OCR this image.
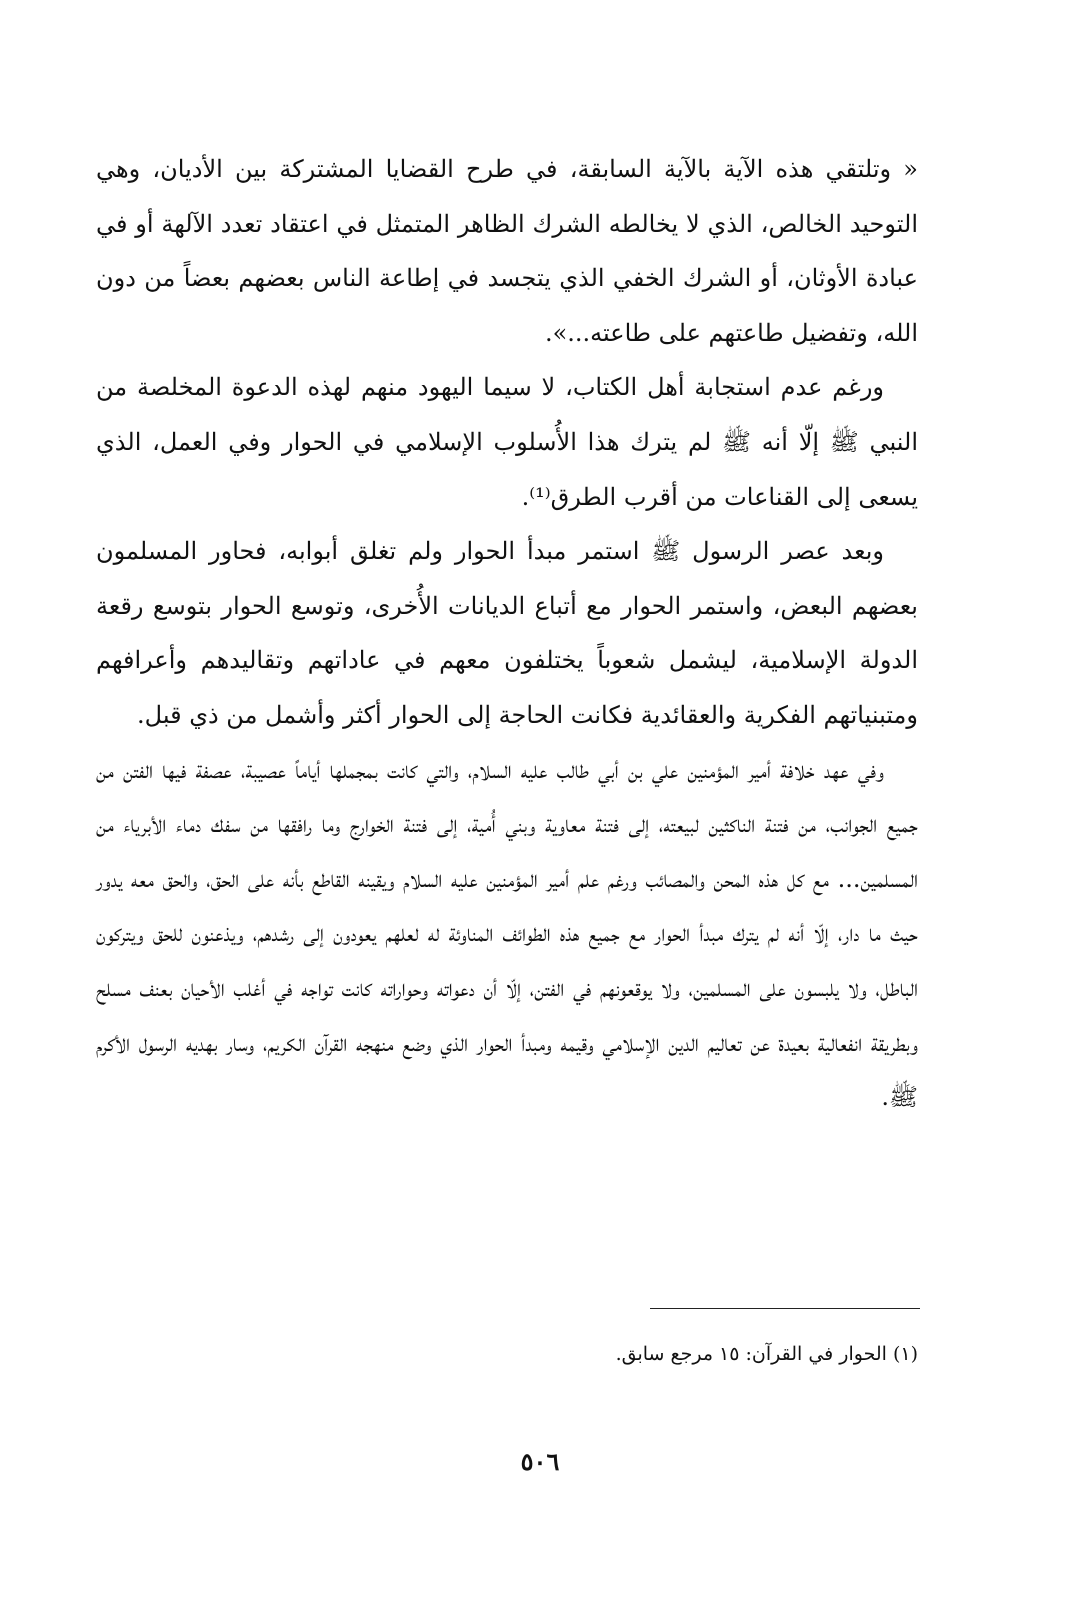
« وتلتقي هذه الآية بالآية السابقة، في طرح القضايا المشتركة بين الأديان، وهي التوحيد الخالص، الذي لا يخالطه الشرك الظاهر المتمثل في اعتقاد تعدد الآلهة أو في عبادة الأوثان، أو الشرك الخفي الذي يتجسد في إطاعة الناس بعضهم بعضاً من دون الله، وتفضيل طاعتهم على طاعته...».

ورغم عدم استجابة أهل الكتاب، لا سيما اليهود منهم لهذه الدعوة المخلصة من النبي ﷺ إلّا أنه ﷺ لم يترك هذا الأُسلوب الإسلامي في الحوار وفي العمل، الذي يسعى إلى القناعات من أقرب الطرق⁽¹⁾.

وبعد عصر الرسول ﷺ استمر مبدأ الحوار ولم تغلق أبوابه، فحاور المسلمون بعضهم البعض، واستمر الحوار مع أتباع الديانات الأُخرى، وتوسع الحوار بتوسع رقعة الدولة الإسلامية، ليشمل شعوباً يختلفون معهم في عاداتهم وتقاليدهم وأعرافهم ومتبنياتهم الفكرية والعقائدية فكانت الحاجة إلى الحوار أكثر وأشمل من ذي قبل.

وفي عهد خلافة أمير المؤمنين علي بن أبي طالب عليه السلام، والتي كانت بمجملها أياماً عصيبة، عصفة فيها الفتن من جميع الجوانب، من فتنة الناكثين لبيعته، إلى فتنة معاوية وبني أُمية، إلى فتنة الخوارج وما رافقها من سفك دماء الأبرياء من المسلمين... مع كل هذه المحن والمصائب ورغم علم أمير المؤمنين عليه السلام ويقينه القاطع بأنه على الحق، والحق معه يدور حيث ما دار، إلّا أنه لم يترك مبدأ الحوار مع جميع هذه الطوائف المناوئة له لعلهم يعودون إلى رشدهم، ويذعنون للحق ويتركون الباطل، ولا يلبسون على المسلمين، ولا يوقعونهم في الفتن، إلّا أن دعواته وحواراته كانت تواجه في أغلب الأحيان بعنف مسلح وبطريقة انفعالية بعيدة عن تعاليم الدين الإسلامي وقيمه ومبدأ الحوار الذي وضع منهجه القرآن الكريم، وسار بهديه الرسول الأكرم ﷺ.

(١) الحوار في القرآن: ١٥ مرجع سابق.
٥٠٦
